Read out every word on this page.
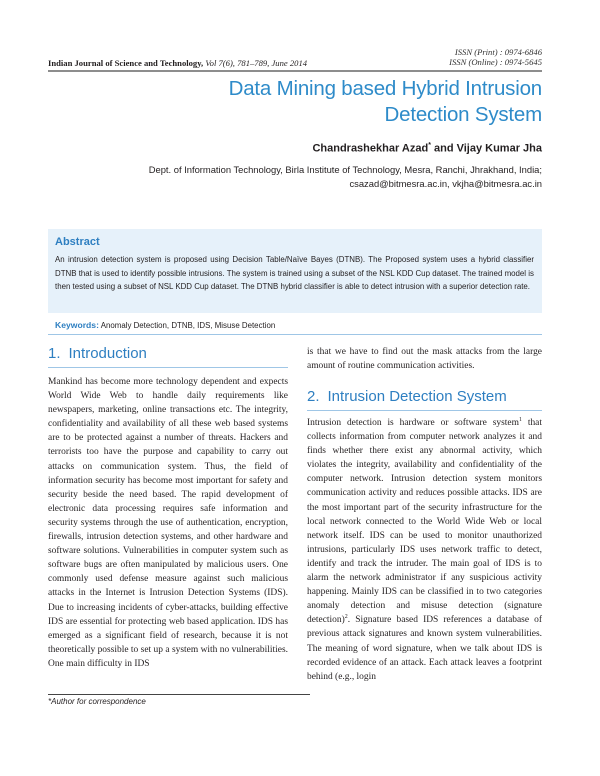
ISSN (Print) : 0974-6846
ISSN (Online) : 0974-5645
Indian Journal of Science and Technology, Vol 7(6), 781–789, June 2014
Data Mining based Hybrid Intrusion
Detection System
Chandrashekhar Azad* and Vijay Kumar Jha
Dept. of Information Technology, Birla Institute of Technology, Mesra, Ranchi, Jhrakhand, India;
csazad@bitmesra.ac.in, vkjha@bitmesra.ac.in
Abstract

An intrusion detection system is proposed using Decision Table/Naïve Bayes (DTNB). The Proposed system uses a hybrid classifier DTNB that is used to identify possible intrusions. The system is trained using a subset of the NSL KDD Cup dataset. The trained model is then tested using a subset of NSL KDD Cup dataset. The DTNB hybrid classifier is able to detect intrusion with a superior detection rate.

Keywords: Anomaly Detection, DTNB, IDS, Misuse Detection
1. Introduction
Mankind has become more technology dependent and expects World Wide Web to handle daily requirements like newspapers, marketing, online transactions etc. The integrity, confidentiality and availability of all these web based systems are to be protected against a number of threats. Hackers and terrorists too have the purpose and capability to carry out attacks on communication system. Thus, the field of information security has become most important for safety and security beside the need based. The rapid development of electronic data processing requires safe information and security systems through the use of authentication, encryption, firewalls, intrusion detection systems, and other hardware and software solutions. Vulnerabilities in computer system such as software bugs are often manipulated by malicious users. One commonly used defense measure against such malicious attacks in the Internet is Intrusion Detection Systems (IDS). Due to increasing incidents of cyber-attacks, building effective IDS are essential for protecting web based application. IDS has emerged as a significant field of research, because it is not theoretically possible to set up a system with no vulnerabilities. One main difficulty in IDS
is that we have to find out the mask attacks from the large amount of routine communication activities.
2. Intrusion Detection System
Intrusion detection is hardware or software system$^1$ that collects information from computer network analyzes it and finds whether there exist any abnormal activity, which violates the integrity, availability and confidentiality of the computer network. Intrusion detection system monitors communication activity and reduces possible attacks. IDS are the most important part of the security infrastructure for the local network connected to the World Wide Web or local network itself. IDS can be used to monitor unauthorized intrusions, particularly IDS uses network traffic to detect, identify and track the intruder. The main goal of IDS is to alarm the network administrator if any suspicious activity happening. Mainly IDS can be classified in to two categories anomaly detection and misuse detection (signature detection)$^2$. Signature based IDS references a database of previous attack signatures and known system vulnerabilities. The meaning of word signature, when we talk about IDS is recorded evidence of an attack. Each attack leaves a footprint behind (e.g., login
*Author for correspondence
